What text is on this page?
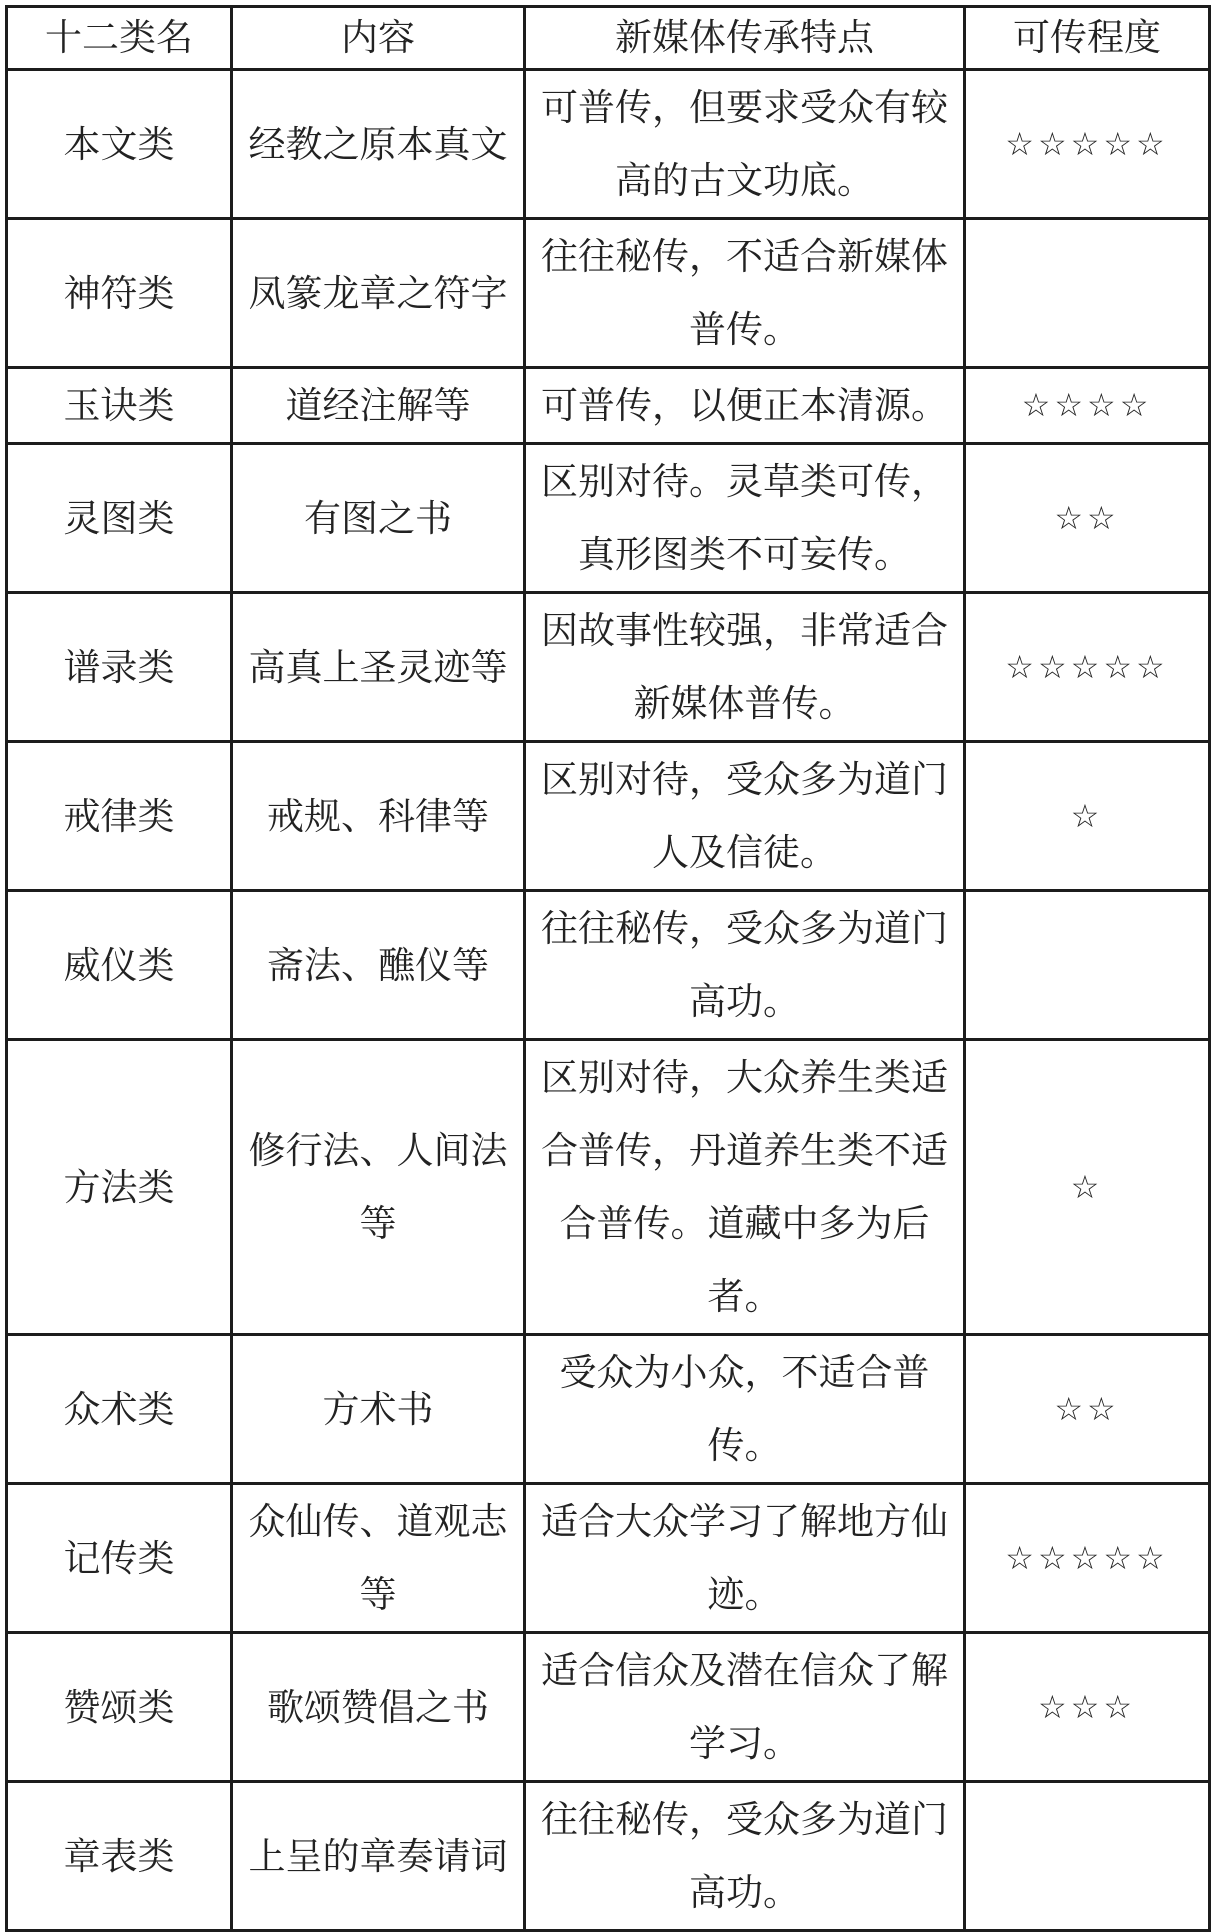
十二类名	内容	新媒体传承特点	可传程度
本文类	经教之原本真文	可普传，但要求受众有较高的古文功底。	☆☆☆☆☆
神符类	凤篆龙章之符字	往往秘传，不适合新媒体普传。	
玉诀类	道经注解等	可普传，以便正本清源。	☆☆☆☆
灵图类	有图之书	区别对待。灵草类可传，真形图类不可妄传。	☆☆
谱录类	高真上圣灵迹等	因故事性较强，非常适合新媒体普传。	☆☆☆☆☆
戒律类	戒规、科律等	区别对待，受众多为道门人及信徒。	☆
威仪类	斋法、醮仪等	往往秘传，受众多为道门高功。	
方法类	修行法、人间法等	区别对待，大众养生类适合普传，丹道养生类不适合普传。道藏中多为后者。	☆
众术类	方术书	受众为小众，不适合普传。	☆☆
记传类	众仙传、道观志等	适合大众学习了解地方仙迹。	☆☆☆☆☆
赞颂类	歌颂赞倡之书	适合信众及潜在信众了解学习。	☆☆☆
章表类	上呈的章奏请词	往往秘传，受众多为道门高功。	
